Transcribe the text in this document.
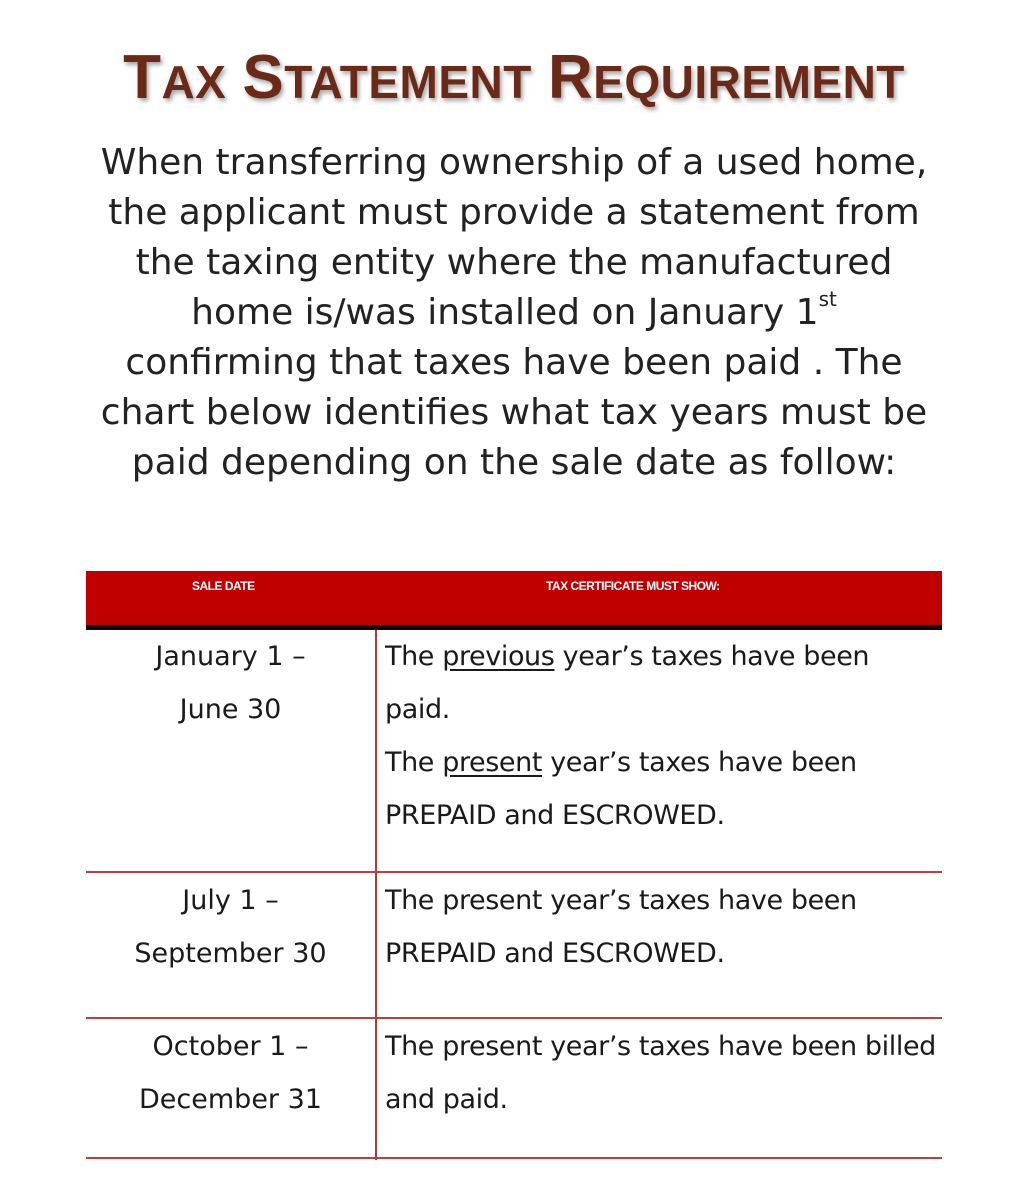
TAX STATEMENT REQUIREMENT

When transferring ownership of a used home, the applicant must provide a statement from the taxing entity where the manufactured home is/was installed on January 1st confirming that taxes have been paid . The chart below identifies what tax years must be paid depending on the sale date as follow:

SALE DATE	TAX CERTIFICATE MUST SHOW:
January 1 –
June 30
The previous year’s taxes have been paid.
The present year’s taxes have been PREPAID and ESCROWED.
July 1 –
September 30
The present year’s taxes have been PREPAID and ESCROWED.
October 1 –
December 31
The present year’s taxes have been billed and paid.
